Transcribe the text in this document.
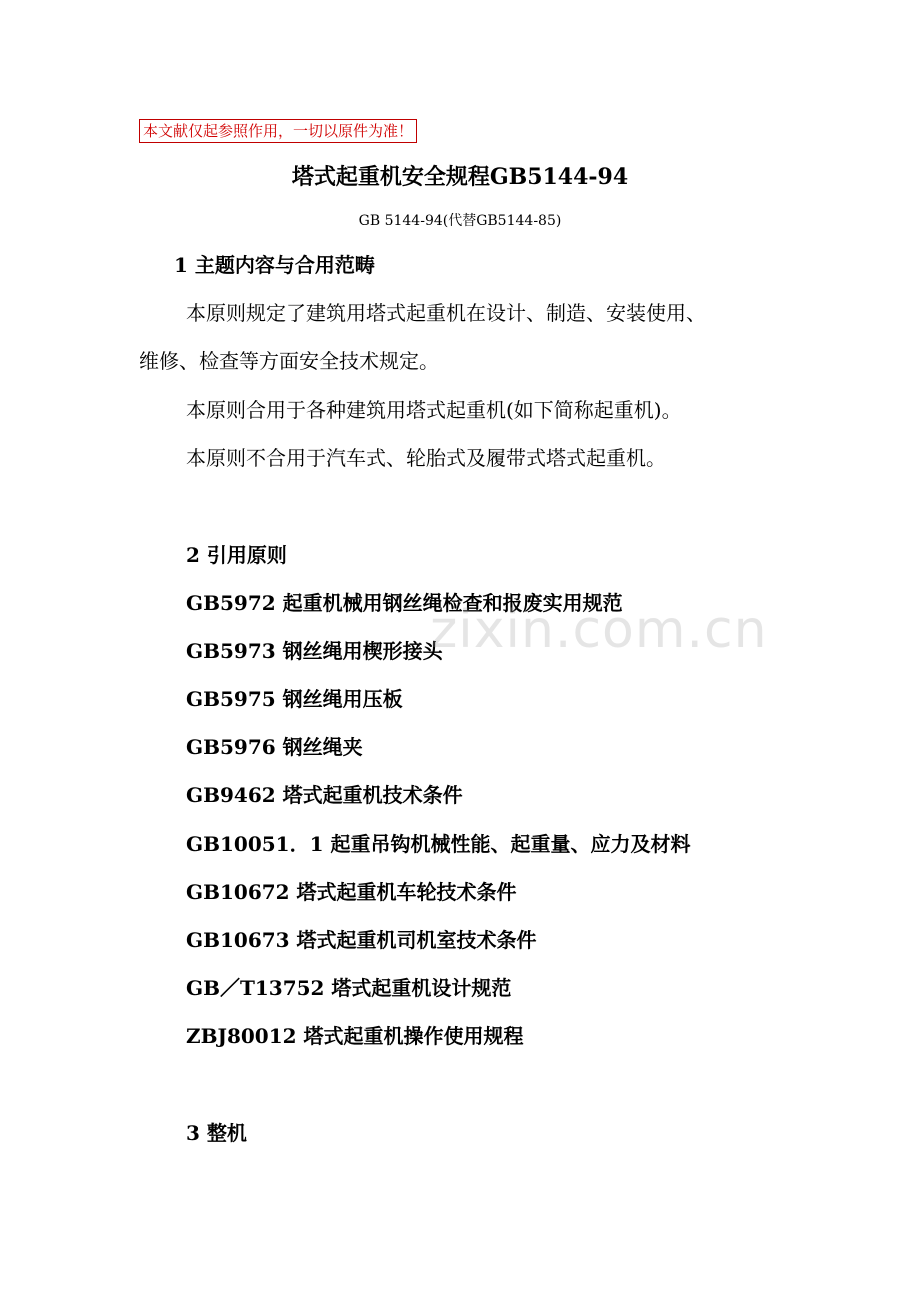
本文献仅起参照作用，一切以原件为准！
塔式起重机安全规程GB5144-94
GB 5144-94(代替GB5144-85)
1 主题内容与合用范畴
本原则规定了建筑用塔式起重机在设计、制造、安装使用、
维修、检查等方面安全技术规定。
本原则合用于各种建筑用塔式起重机(如下简称起重机)。
本原则不合用于汽车式、轮胎式及履带式塔式起重机。
2 引用原则
GB5972 起重机械用钢丝绳检查和报废实用规范
GB5973 钢丝绳用楔形接头
GB5975 钢丝绳用压板
GB5976 钢丝绳夹
GB9462 塔式起重机技术条件
GB10051．1 起重吊钩机械性能、起重量、应力及材料
GB10672 塔式起重机车轮技术条件
GB10673 塔式起重机司机室技术条件
GB／T13752 塔式起重机设计规范
ZBJ80012 塔式起重机操作使用规程
3 整机
zixin.com.cn
